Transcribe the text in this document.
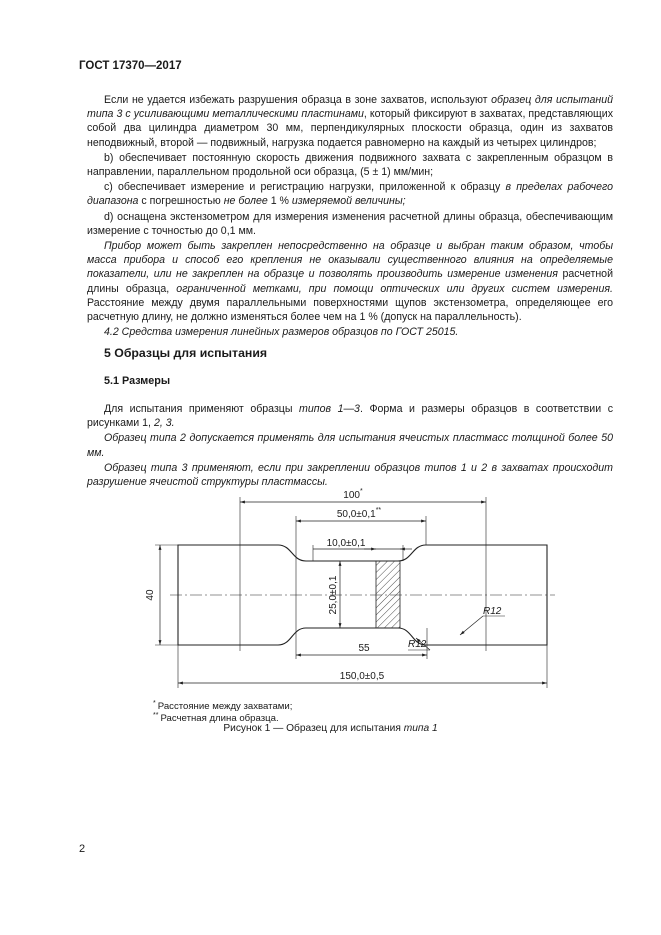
ГОСТ 17370—2017

Если не удается избежать разрушения образца в зоне захватов, используют образец для испытаний типа 3 с усиливающими металлическими пластинами, который фиксируют в захватах, представляющих собой два цилиндра диаметром 30 мм, перпендикулярных плоскости образца, один из захватов неподвижный, второй — подвижный, нагрузка подается равномерно на каждый из четырех цилиндров;

b) обеспечивает постоянную скорость движения подвижного захвата с закрепленным образцом в направлении, параллельном продольной оси образца, (5 ± 1) мм/мин;

c) обеспечивает измерение и регистрацию нагрузки, приложенной к образцу в пределах рабочего диапазона с погрешностью не более 1 % измеряемой величины;

d) оснащена экстензометром для измерения изменения расчетной длины образца, обеспечивающим измерение с точностью до 0,1 мм.

Прибор может быть закреплен непосредственно на образце и выбран таким образом, чтобы масса прибора и способ его крепления не оказывали существенного влияния на определяемые показатели, или не закреплен на образце и позволять производить измерение изменения расчетной длины образца, ограниченной метками, при помощи оптических или других систем измерения. Расстояние между двумя параллельными поверхностями щупов экстензометра, определяющее его расчетную длину, не должно изменяться более чем на 1 % (допуск на параллельность).

4.2 Средства измерения линейных размеров образцов по ГОСТ 25015.

5 Образцы для испытания
5.1 Размеры

Для испытания применяют образцы типов 1—3. Форма и размеры образцов в соответствии с рисунками 1, 2, 3.

Образец типа 2 допускается применять для испытания ячеистых пластмасс толщиной более 50 мм.

Образец типа 3 применяют, если при закреплении образцов типов 1 и 2 в захватах происходит разрушение ячеистой структуры пластмассы.

100*
50,0±0,1**
10,0±0,1
25,0±0,1
40
55
150,0±0,5
R12
R12
* Расстояние между захватами;
** Расчетная длина образца.
Рисунок 1 — Образец для испытания типа 1
2
